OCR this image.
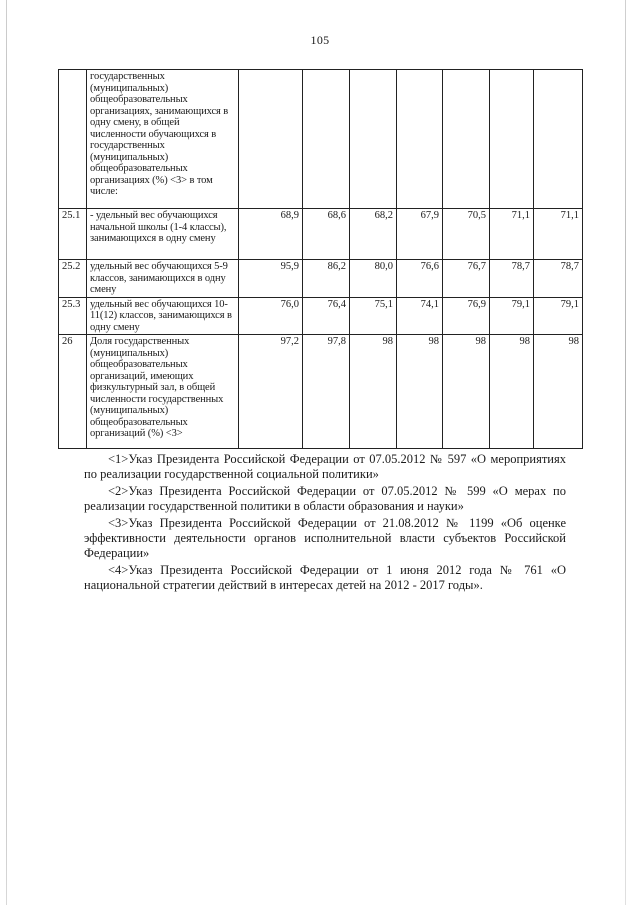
105
	государственных (муниципальных) общеобразовательных организациях, занимающихся в одну смену, в общей численности обучающихся в государственных (муниципальных) общеобразовательных организациях (%) <3> в том числе:							
25.1	- удельный вес обучающихся начальной школы (1-4 классы), занимающихся в одну смену	68,9	68,6	68,2	67,9	70,5	71,1	71,1
25.2	удельный вес обучающихся 5-9 классов, занимающихся в одну смену	95,9	86,2	80,0	76,6	76,7	78,7	78,7
25.3	удельный вес обучающихся 10-11(12) классов, занимающихся в одну смену	76,0	76,4	75,1	74,1	76,9	79,1	79,1
26	Доля государственных (муниципальных) общеобразовательных организаций, имеющих физкультурный зал, в общей численности государственных (муниципальных) общеобразовательных организаций (%) <3>	97,2	97,8	98	98	98	98	98

<1>Указ Президента Российской Федерации от 07.05.2012 № 597 «О мероприятиях по реализации государственной социальной политики»

<2>Указ Президента Российской Федерации от 07.05.2012 № 599 «О мерах по реализации государственной политики в области образования и науки»

<3>Указ Президента Российской Федерации от 21.08.2012 № 1199 «Об оценке эффективности деятельности органов исполнительной власти субъектов Российской Федерации»

<4>Указ Президента Российской Федерации от 1 июня 2012 года № 761 «О национальной стратегии действий в интересах детей на 2012 - 2017 годы».
